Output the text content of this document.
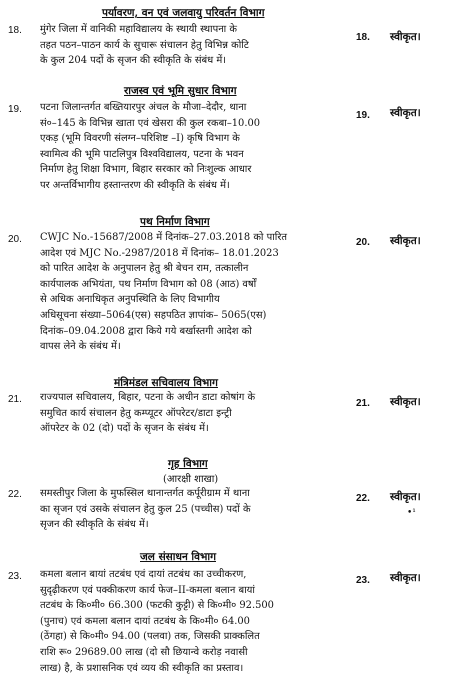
पर्यावरण, वन एवं जलवायु परिवर्तन विभाग
18. मुंगेर जिला में वानिकी महाविद्यालय के स्थायी स्थापना के
तहत पठन–पाठन कार्य के सुचारू संचालन हेतु विभिन्न कोटि
के कुल 204 पदों के सृजन की स्वीकृति के संबंध में।
18. स्वीकृत।
राजस्व एवं भूमि सुधार विभाग
19. पटना जिलान्तर्गत बख्तियारपुर अंचल के मौजा–देदौर, थाना
सं०–145 के विभिन्न खाता एवं खेसरा की कुल रकबा–10.00
एकड़ (भूमि विवरणी संलग्न–परिशिष्ट –I) कृषि विभाग के
स्वामित्व की भूमि पाटलिपुत्र विश्वविद्यालय, पटना के भवन
निर्माण हेतु शिक्षा विभाग, बिहार सरकार को निःशुल्क आधार
पर अन्तर्विभागीय हस्तान्तरण की स्वीकृति के संबंध में।
19. स्वीकृत।
पथ निर्माण विभाग
20. CWJC No.-15687/2008 में दिनांक–27.03.2018 को पारित
आदेश एवं MJC No.-2987/2018 में दिनांक– 18.01.2023
को पारित आदेश के अनुपालन हेतु श्री बेचन राम, तत्कालीन
कार्यपालक अभियंता, पथ निर्माण विभाग को 08 (आठ) वर्षों
से अधिक अनाधिकृत अनुपस्थिति के लिए विभागीय
अधिसूचना संख्या–5064(एस) सहपठित ज्ञापांक– 5065(एस)
दिनांक–09.04.2008 द्वारा किये गये बर्खास्तगी आदेश को
वापस लेने के संबंध में।
20. स्वीकृत।
मंत्रिमंडल सचिवालय विभाग
21. राज्यपाल सचिवालय, बिहार, पटना के अधीन डाटा कोषांग के
समुचित कार्य संचालन हेतु कम्प्यूटर ऑपरेटर/डाटा इन्ट्री
ऑपरेटर के 02 (दो) पदों के सृजन के संबंध में।
21. स्वीकृत।
गृह विभाग
(आरक्षी शाखा)
22. समस्तीपुर जिला के मुफस्सिल थानान्तर्गत कर्पूरीग्राम में थाना
का सृजन एवं उसके संचालन हेतु कुल 25 (पच्चीस) पदों के
सृजन की स्वीकृति के संबंध में।
22. स्वीकृत।
•¹
जल संसाधन विभाग
23. कमला बलान बायां तटबंध एवं दायां तटबंध का उच्चीकरण,
सुदृढ़ीकरण एवं पक्कीकरण कार्य फेज–II-कमला बलान बायां
तटबंध के कि०मी० 66.300 (फटकी कुट्टी) से कि०मी० 92.500
(पुनाच) एवं कमला बलान दायां तटबंध के कि०मी० 64.00
(ठेंगहा) से कि०मी० 94.00 (पलवा) तक, जिसकी प्राक्कलित
राशि रू० 29689.00 लाख (दो सौ छियान्वे करोड़ नवासी
लाख) है, के प्रशासनिक एवं व्यय की स्वीकृति का प्रस्ताव।
23. स्वीकृत।
